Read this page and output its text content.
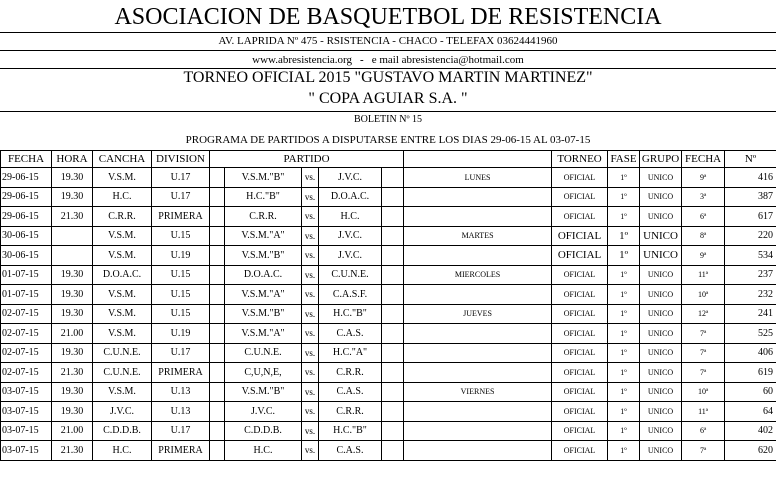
ASOCIACION DE BASQUETBOL DE RESISTENCIA
AV. LAPRIDA Nº 475 - RSISTENCIA - CHACO - TELEFAX 03624441960
www.abresistencia.org - e mail abresistencia@hotmail.com
TORNEO OFICIAL 2015 "GUSTAVO MARTIN MARTINEZ"
" COPA AGUIAR S.A. "
BOLETIN Nº 15
PROGRAMA DE PARTIDOS A DISPUTARSE ENTRE LOS DIAS 29-06-15 AL 03-07-15
FECHA	HORA	CANCHA	DIVISION	PARTIDO						TORNEO	FASE	GRUPO	FECHA	Nº
29-06-15	19.30	V.S.M.	U.17		V.S.M."B"	vs.	J.V.C.		LUNES	OFICIAL	1º	UNICO	9ª	416
29-06-15	19.30	H.C.	U.17		H.C."B"	vs.	D.O.A.C.			OFICIAL	1º	UNICO	3ª	387
29-06-15	21.30	C.R.R.	PRIMERA		C.R.R.	vs.	H.C.			OFICIAL	1º	UNICO	6ª	617
30-06-15		V.S.M.	U.15		V.S.M."A"	vs.	J.V.C.		MARTES	OFICIAL	1º	UNICO	8ª	220
30-06-15		V.S.M.	U.19		V.S.M."B"	vs.	J.V.C.			OFICIAL	1º	UNICO	9ª	534
01-07-15	19.30	D.O.A.C.	U.15		D.O.A.C.	vs.	C.U.N.E.		MIERCOLES	OFICIAL	1º	UNICO	11ª	237
01-07-15	19.30	V.S.M.	U.15		V.S.M."A"	vs.	C.A.S.F.			OFICIAL	1º	UNICO	10ª	232
02-07-15	19.30	V.S.M.	U.15		V.S.M."B"	vs.	H.C."B"		JUEVES	OFICIAL	1º	UNICO	12ª	241
02-07-15	21.00	V.S.M.	U.19		V.S.M."A"	vs.	C.A.S.			OFICIAL	1º	UNICO	7ª	525
02-07-15	19.30	C.U.N.E.	U.17		C.U.N.E.	vs.	H.C."A"			OFICIAL	1º	UNICO	7ª	406
02-07-15	21.30	C.U.N.E.	PRIMERA		C,U,N,E,	vs.	C.R.R.			OFICIAL	1º	UNICO	7ª	619
03-07-15	19.30	V.S.M.	U.13		V.S.M."B"	vs.	C.A.S.		VIERNES	OFICIAL	1º	UNICO	10ª	60
03-07-15	19.30	J.V.C.	U.13		J.V.C.	vs.	C.R.R.			OFICIAL	1º	UNICO	11ª	64
03-07-15	21.00	C.D.D.B.	U.17		C.D.D.B.	vs.	H.C."B"			OFICIAL	1º	UNICO	6ª	402
03-07-15	21.30	H.C.	PRIMERA		H.C.	vs.	C.A.S.			OFICIAL	1º	UNICO	7ª	620
